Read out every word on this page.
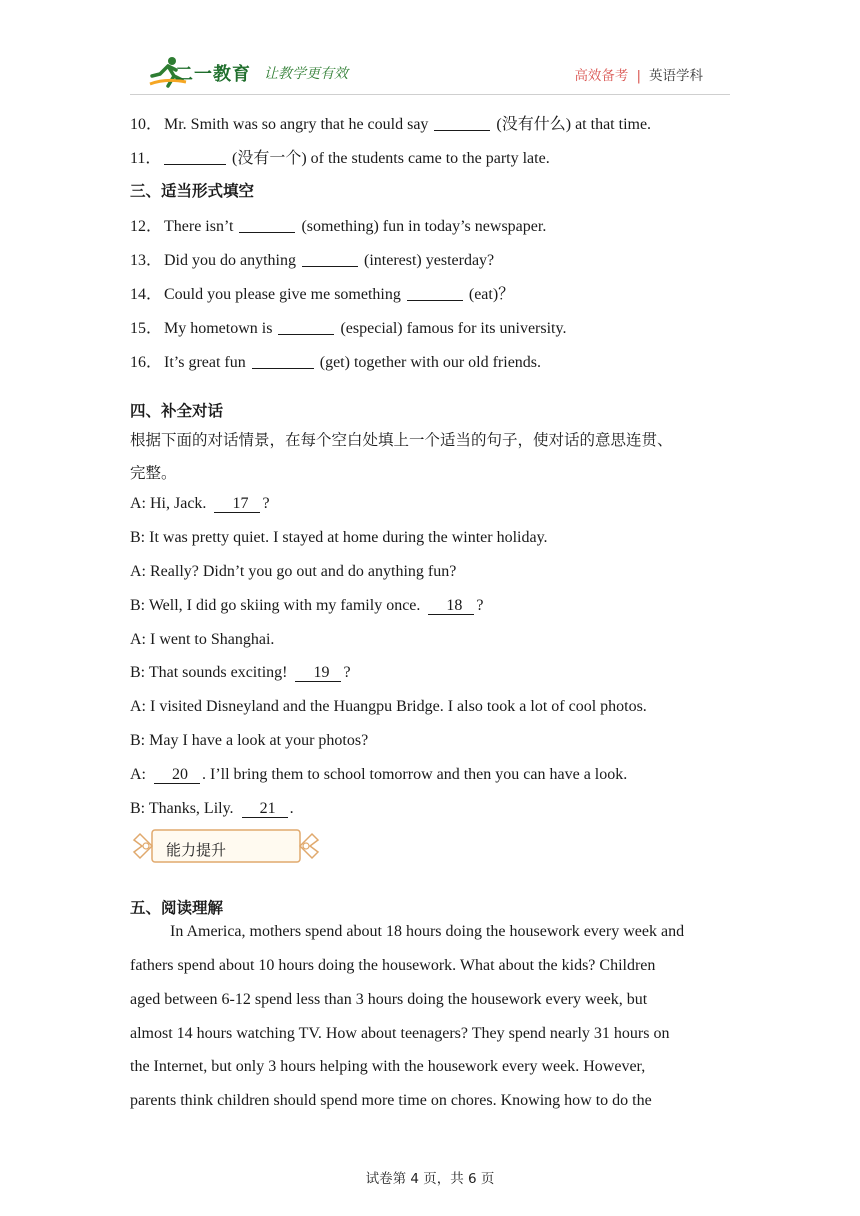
二一教育 让教学更有效	高效备考 | 英语学科
10． Mr. Smith was so angry that he could say	(没有什么) at that time.
11．	(没有一个) of the students came to the party late.
三、适当形式填空
12． There isn’t	(something) fun in today’s newspaper.
13． Did you do anything	(interest) yesterday?
14． Could you please give me something	(eat)？
15． My hometown is	(especial) famous for its university.
16． It’s great fun	(get) together with our old friends.
四、补全对话
根据下面的对话情景，在每个空白处填上一个适当的句子，使对话的意思连贯、
完整。
A: Hi, Jack. 17 ?
B: It was pretty quiet. I stayed at home during the winter holiday.
A: Really? Didn’t you go out and do anything fun?
B: Well, I did go skiing with my family once. 18 ?
A: I went to Shanghai.
B: That sounds exciting! 19 ?
A: I visited Disneyland and the Huangpu Bridge. I also took a lot of cool photos.
B: May I have a look at your photos?
A: 20 . I’ll bring them to school tomorrow and then you can have a look.
B: Thanks, Lily. 21 .
能力提升
五、阅读理解
In America, mothers spend about 18 hours doing the housework every week and
fathers spend about 10 hours doing the housework. What about the kids? Children
aged between 6-12 spend less than 3 hours doing the housework every week, but
almost 14 hours watching TV. How about teenagers? They spend nearly 31 hours on
the Internet, but only 3 hours helping with the housework every week. However,
parents think children should spend more time on chores. Knowing how to do the
试卷第 4 页，共 6 页
